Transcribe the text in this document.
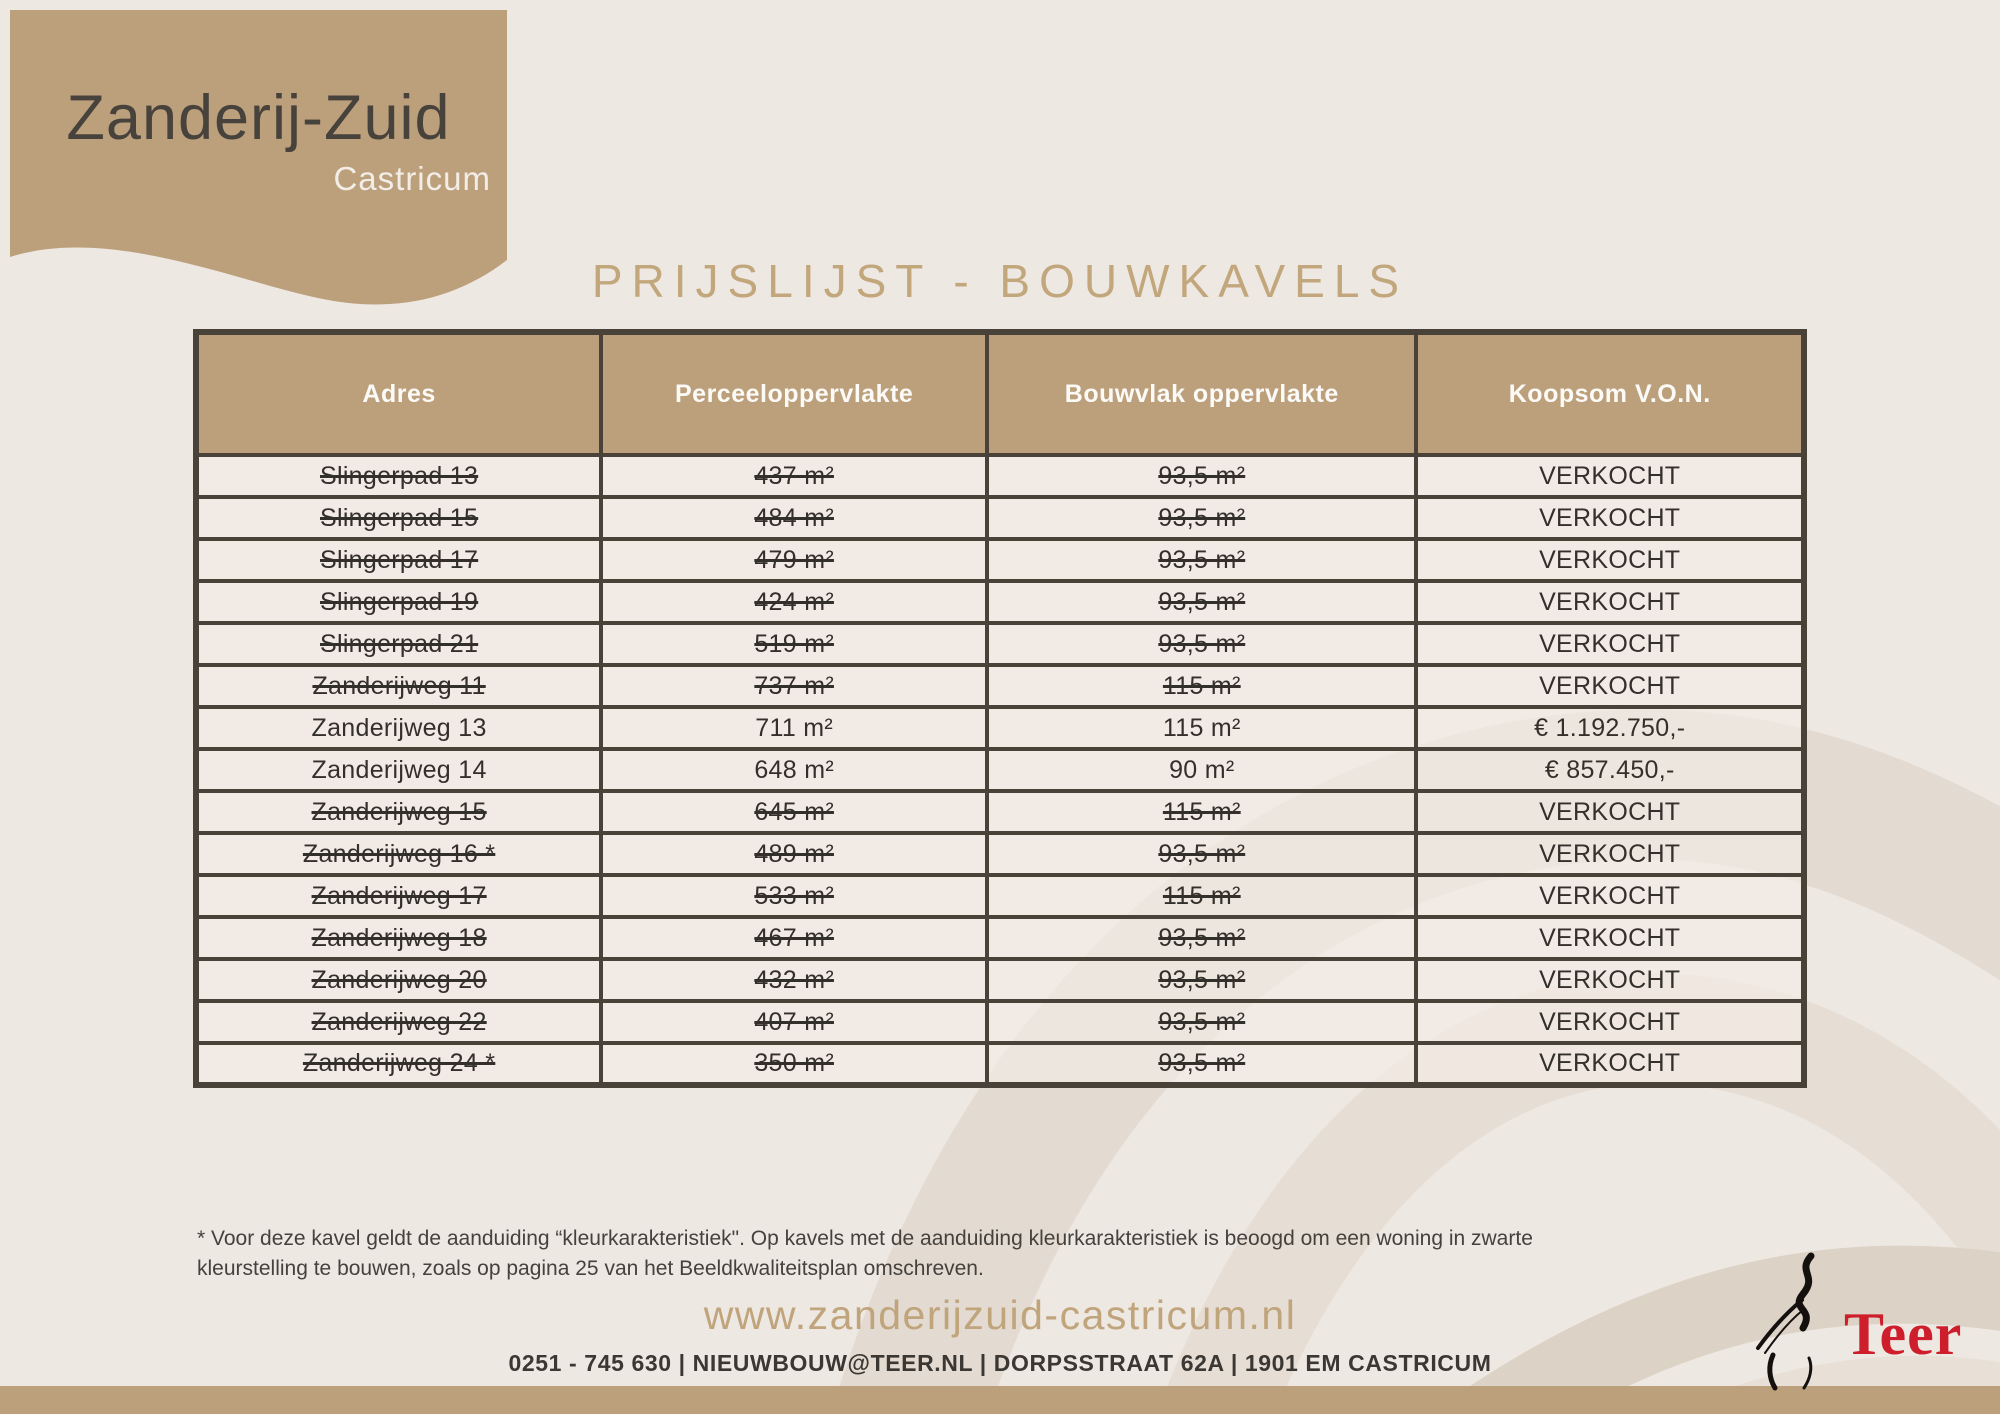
Zanderij-Zuid
Castricum
PRIJSLIJST - BOUWKAVELS
Adres	Perceeloppervlakte	Bouwvlak oppervlakte	Koopsom V.O.N.
Slingerpad 13	437 m²	93,5 m²	VERKOCHT
Slingerpad 15	484 m²	93,5 m²	VERKOCHT
Slingerpad 17	479 m²	93,5 m²	VERKOCHT
Slingerpad 19	424 m²	93,5 m²	VERKOCHT
Slingerpad 21	519 m²	93,5 m²	VERKOCHT
Zanderijweg 11	737 m²	115 m²	VERKOCHT
Zanderijweg 13	711 m²	115 m²	€ 1.192.750,-
Zanderijweg 14	648 m²	90 m²	€ 857.450,-
Zanderijweg 15	645 m²	115 m²	VERKOCHT
Zanderijweg 16 *	489 m²	93,5 m²	VERKOCHT
Zanderijweg 17	533 m²	115 m²	VERKOCHT
Zanderijweg 18	467 m²	93,5 m²	VERKOCHT
Zanderijweg 20	432 m²	93,5 m²	VERKOCHT
Zanderijweg 22	407 m²	93,5 m²	VERKOCHT
Zanderijweg 24 *	350 m²	93,5 m²	VERKOCHT
* Voor deze kavel geldt de aanduiding “kleurkarakteristiek". Op kavels met de aanduiding kleurkarakteristiek is beoogd om een woning in zwarte
kleurstelling te bouwen, zoals op pagina 25 van het Beeldkwaliteitsplan omschreven.
www.zanderijzuid-castricum.nl
0251 - 745 630 | NIEUWBOUW@TEER.NL | DORPSSTRAAT 62A | 1901 EM CASTRICUM	Teer
